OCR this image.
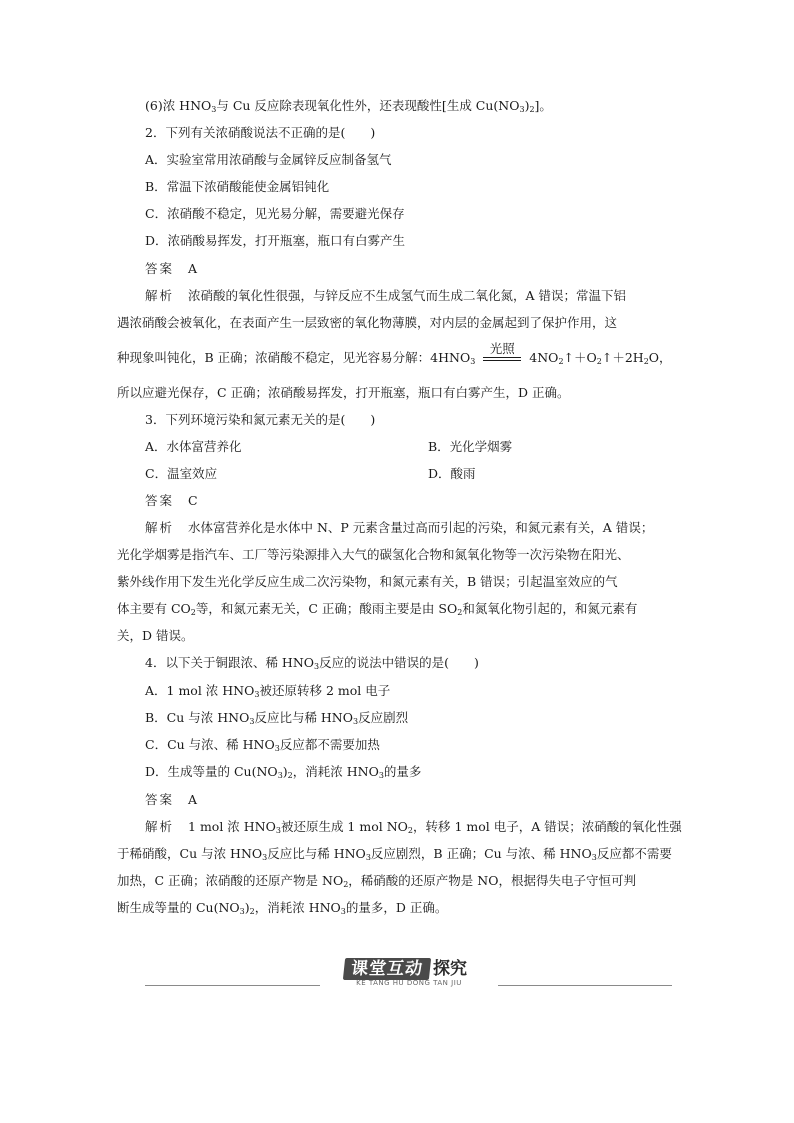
(6)浓 $HNO_3$与 Cu 反应除表现氧化性外，还表现酸性[生成 $Cu(NO_3)_2$]。
2．下列有关浓硝酸说法不正确的是(　　)
A．实验室常用浓硝酸与金属锌反应制备氢气
B．常温下浓硝酸能使金属铝钝化
C．浓硝酸不稳定，见光易分解，需要避光保存
D．浓硝酸易挥发，打开瓶塞，瓶口有白雾产生
答案 A
解析 浓硝酸的氧化性很强，与锌反应不生成氢气而生成二氧化氮，A 错误；常温下铝
遇浓硝酸会被氧化，在表面产生一层致密的氧化物薄膜，对内层的金属起到了保护作用，这
种现象叫钝化，B 正确；浓硝酸不稳定，见光容易分解：$4HNO_3$
光照
$4NO_2↑+O_2↑+2H_2O$，
所以应避光保存，C 正确；浓硝酸易挥发，打开瓶塞，瓶口有白雾产生，D 正确。
3．下列环境污染和氮元素无关的是(　　)
A．水体富营养化	B．光化学烟雾
C．温室效应	D．酸雨
答案 C
解析 水体富营养化是水体中 N、P 元素含量过高而引起的污染，和氮元素有关，A 错误；
光化学烟雾是指汽车、工厂等污染源排入大气的碳氢化合物和氮氧化物等一次污染物在阳光、
紫外线作用下发生光化学反应生成二次污染物，和氮元素有关，B 错误；引起温室效应的气
体主要有 $CO_2$等，和氮元素无关，C 正确；酸雨主要是由 $SO_2$和氮氧化物引起的，和氮元素有
关，D 错误。
4．以下关于铜跟浓、稀 $HNO_3$反应的说法中错误的是(　　)
A．1 mol 浓 $HNO_3$被还原转移 2 mol 电子
B．Cu 与浓 $HNO_3$反应比与稀 $HNO_3$反应剧烈
C．Cu 与浓、稀 $HNO_3$反应都不需要加热
D．生成等量的 $Cu(NO_3)_2$，消耗浓 $HNO_3$的量多
答案 A
解析 1 mol 浓 $HNO_3$被还原生成 1 mol $NO_2$，转移 1 mol 电子，A 错误；浓硝酸的氧化性强
于稀硝酸，Cu 与浓 $HNO_3$反应比与稀 $HNO_3$反应剧烈，B 正确；Cu 与浓、稀 $HNO_3$反应都不需要
加热，C 正确；浓硝酸的还原产物是 $NO_2$，稀硝酸的还原产物是 NO，根据得失电子守恒可判
断生成等量的 $Cu(NO_3)_2$，消耗浓 $HNO_3$的量多，D 正确。
课堂互动 探究
KE TANG HU DONG TAN JIU
